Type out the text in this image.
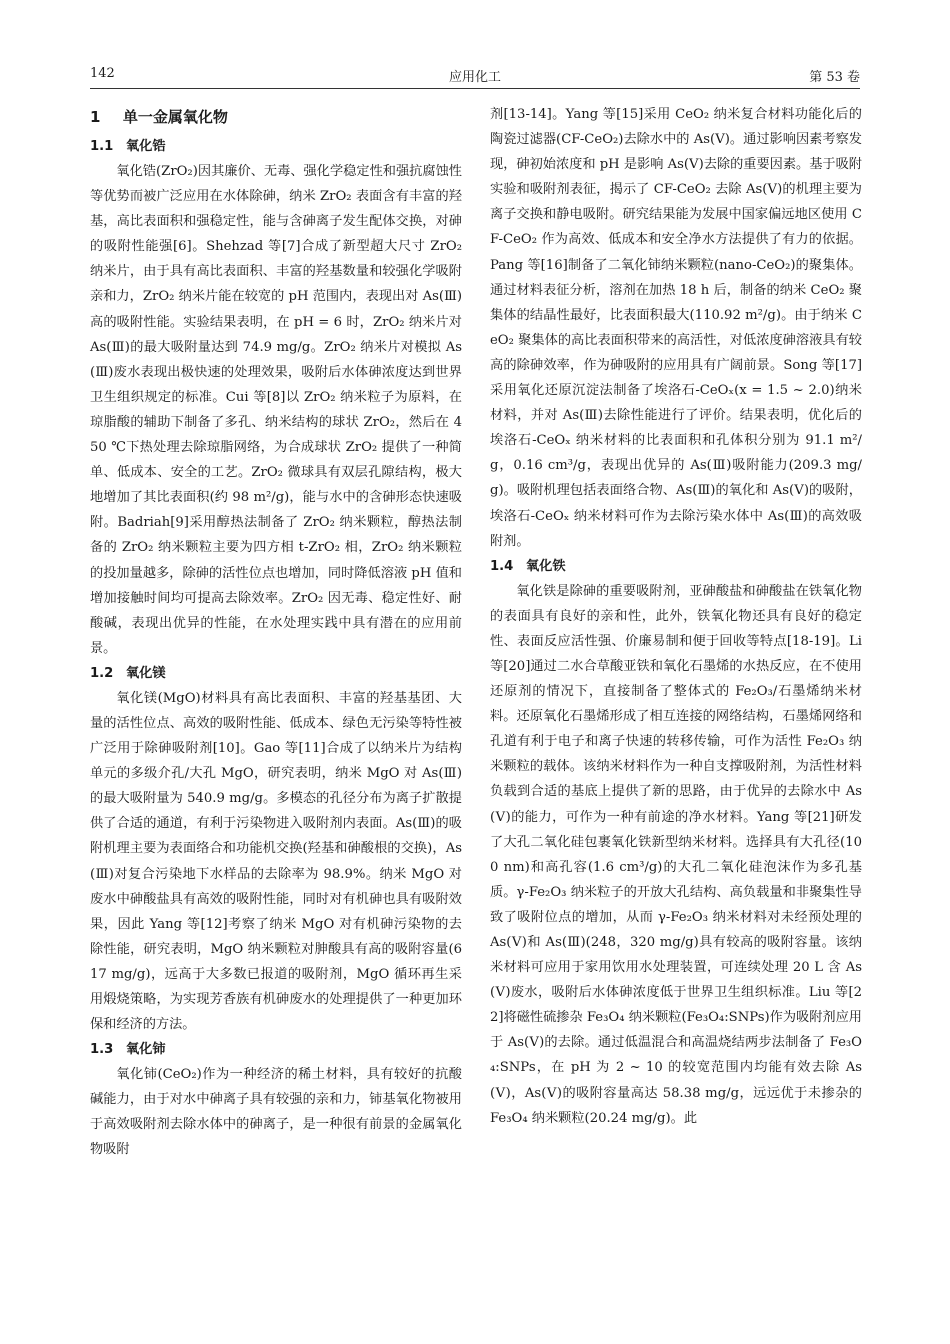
142	应用化工	第 53 卷
1 单一金属氧化物
1.1 氧化锆

氧化锆(ZrO₂)因其廉价、无毒、强化学稳定性和强抗腐蚀性等优势而被广泛应用在水体除砷，纳米 ZrO₂ 表面含有丰富的羟基，高比表面积和强稳定性，能与含砷离子发生配体交换，对砷的吸附性能强[6]。Shehzad 等[7]合成了新型超大尺寸 ZrO₂ 纳米片，由于具有高比表面积、丰富的羟基数量和较强化学吸附亲和力，ZrO₂ 纳米片能在较宽的 pH 范围内，表现出对 As(Ⅲ)高的吸附性能。实验结果表明，在 pH = 6 时，ZrO₂ 纳米片对 As(Ⅲ)的最大吸附量达到 74.9 mg/g。ZrO₂ 纳米片对模拟 As(Ⅲ)废水表现出极快速的处理效果，吸附后水体砷浓度达到世界卫生组织规定的标准。Cui 等[8]以 ZrO₂ 纳米粒子为原料，在琼脂酸的辅助下制备了多孔、纳米结构的球状 ZrO₂，然后在 450 ℃下热处理去除琼脂网络，为合成球状 ZrO₂ 提供了一种简单、低成本、安全的工艺。ZrO₂ 微球具有双层孔隙结构，极大地增加了其比表面积(约 98 m²/g)，能与水中的含砷形态快速吸附。Badriah[9]采用醇热法制备了 ZrO₂ 纳米颗粒，醇热法制备的 ZrO₂ 纳米颗粒主要为四方相 t-ZrO₂ 相，ZrO₂ 纳米颗粒的投加量越多，除砷的活性位点也增加，同时降低溶液 pH 值和增加接触时间均可提高去除效率。ZrO₂ 因无毒、稳定性好、耐酸碱，表现出优异的性能，在水处理实践中具有潜在的应用前景。

1.2 氧化镁

氧化镁(MgO)材料具有高比表面积、丰富的羟基基团、大量的活性位点、高效的吸附性能、低成本、绿色无污染等特性被广泛用于除砷吸附剂[10]。Gao 等[11]合成了以纳米片为结构单元的多级介孔/大孔 MgO，研究表明，纳米 MgO 对 As(Ⅲ)的最大吸附量为 540.9 mg/g。多模态的孔径分布为离子扩散提供了合适的通道，有利于污染物进入吸附剂内表面。As(Ⅲ)的吸附机理主要为表面络合和功能机交换(羟基和砷酸根的交换)，As(Ⅲ)对复合污染地下水样品的去除率为 98.9%。纳米 MgO 对废水中砷酸盐具有高效的吸附性能，同时对有机砷也具有吸附效果，因此 Yang 等[12]考察了纳米 MgO 对有机砷污染物的去除性能，研究表明，MgO 纳米颗粒对胂酸具有高的吸附容量(617 mg/g)，远高于大多数已报道的吸附剂，MgO 循环再生采用煅烧策略，为实现芳香族有机砷废水的处理提供了一种更加环保和经济的方法。

1.3 氧化铈

氧化铈(CeO₂)作为一种经济的稀土材料，具有较好的抗酸碱能力，由于对水中砷离子具有较强的亲和力，铈基氧化物被用于高效吸附剂去除水体中的砷离子，是一种很有前景的金属氧化物吸附

剂[13-14]。Yang 等[15]采用 CeO₂ 纳米复合材料功能化后的陶瓷过滤器(CF-CeO₂)去除水中的 As(Ⅴ)。通过影响因素考察发现，砷初始浓度和 pH 是影响 As(Ⅴ)去除的重要因素。基于吸附实验和吸附剂表征，揭示了 CF-CeO₂ 去除 As(Ⅴ)的机理主要为离子交换和静电吸附。研究结果能为发展中国家偏远地区使用 CF-CeO₂ 作为高效、低成本和安全净水方法提供了有力的依据。Pang 等[16]制备了二氧化铈纳米颗粒(nano-CeO₂)的聚集体。通过材料表征分析，溶剂在加热 18 h 后，制备的纳米 CeO₂ 聚集体的结晶性最好，比表面积最大(110.92 m²/g)。由于纳米 CeO₂ 聚集体的高比表面积带来的高活性，对低浓度砷溶液具有较高的除砷效率，作为砷吸附的应用具有广阔前景。Song 等[17]采用氧化还原沉淀法制备了埃洛石-CeOₓ(x = 1.5 ~ 2.0)纳米材料，并对 As(Ⅲ)去除性能进行了评价。结果表明，优化后的埃洛石-CeOₓ 纳米材料的比表面积和孔体积分别为 91.1 m²/g，0.16 cm³/g，表现出优异的 As(Ⅲ)吸附能力(209.3 mg/g)。吸附机理包括表面络合物、As(Ⅲ)的氧化和 As(Ⅴ)的吸附，埃洛石-CeOₓ 纳米材料可作为去除污染水体中 As(Ⅲ)的高效吸附剂。

1.4 氧化铁

氧化铁是除砷的重要吸附剂，亚砷酸盐和砷酸盐在铁氧化物的表面具有良好的亲和性，此外，铁氧化物还具有良好的稳定性、表面反应活性强、价廉易制和便于回收等特点[18-19]。Li 等[20]通过二水合草酸亚铁和氧化石墨烯的水热反应，在不使用还原剂的情况下，直接制备了整体式的 Fe₂O₃/石墨烯纳米材料。还原氧化石墨烯形成了相互连接的网络结构，石墨烯网络和孔道有利于电子和离子快速的转移传输，可作为活性 Fe₂O₃ 纳米颗粒的载体。该纳米材料作为一种自支撑吸附剂，为活性材料负载到合适的基底上提供了新的思路，由于优异的去除水中 As(Ⅴ)的能力，可作为一种有前途的净水材料。Yang 等[21]研发了大孔二氧化硅包裹氧化铁新型纳米材料。选择具有大孔径(100 nm)和高孔容(1.6 cm³/g)的大孔二氧化硅泡沫作为多孔基质。γ-Fe₂O₃ 纳米粒子的开放大孔结构、高负载量和非聚集性导致了吸附位点的增加，从而 γ-Fe₂O₃ 纳米材料对未经预处理的 As(Ⅴ)和 As(Ⅲ)(248，320 mg/g)具有较高的吸附容量。该纳米材料可应用于家用饮用水处理装置，可连续处理 20 L 含 As(Ⅴ)废水，吸附后水体砷浓度低于世界卫生组织标准。Liu 等[22]将磁性硫掺杂 Fe₃O₄ 纳米颗粒(Fe₃O₄:SNPs)作为吸附剂应用于 As(Ⅴ)的去除。通过低温混合和高温烧结两步法制备了 Fe₃O₄:SNPs，在 pH 为 2 ~ 10 的较宽范围内均能有效去除 As(Ⅴ)，As(Ⅴ)的吸附容量高达 58.38 mg/g，远远优于未掺杂的 Fe₃O₄ 纳米颗粒(20.24 mg/g)。此
